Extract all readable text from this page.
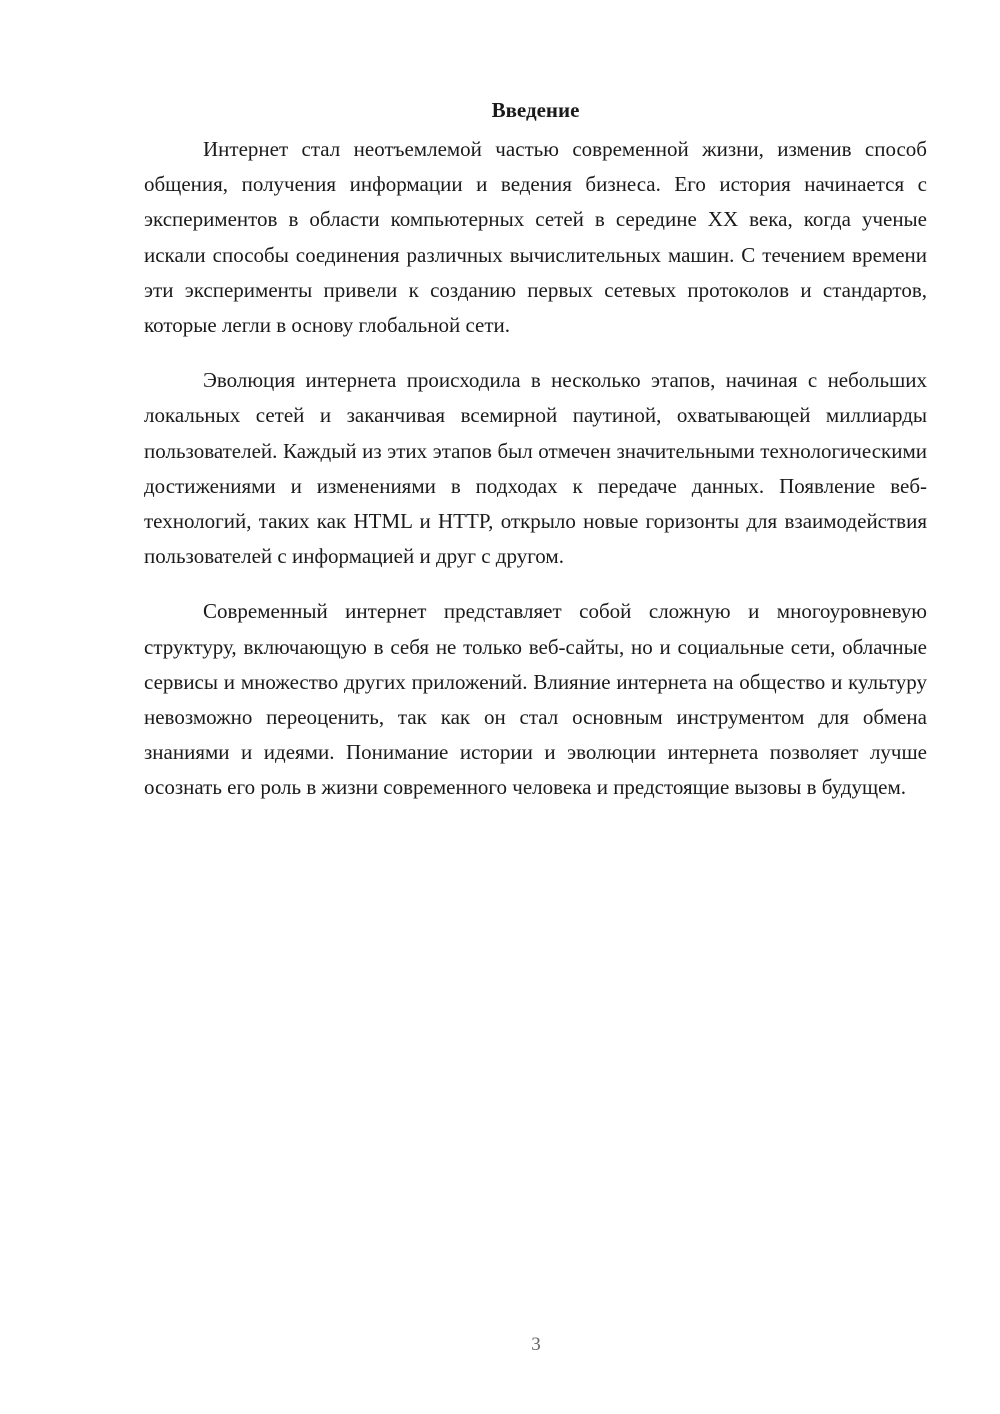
Введение

Интернет стал неотъемлемой частью современной жизни, изменив способ общения, получения информации и ведения бизнеса. Его история начинается с экспериментов в области компьютерных сетей в середине XX века, когда ученые искали способы соединения различных вычислительных машин. С течением времени эти эксперименты привели к созданию первых сетевых протоколов и стандартов, которые легли в основу глобальной сети.

Эволюция интернета происходила в несколько этапов, начиная с небольших локальных сетей и заканчивая всемирной паутиной, охватывающей миллиарды пользователей. Каждый из этих этапов был отмечен значительными технологическими достижениями и изменениями в подходах к передаче данных. Появление веб-технологий, таких как HTML и HTTP, открыло новые горизонты для взаимодействия пользователей с информацией и друг с другом.

Современный интернет представляет собой сложную и многоуровневую структуру, включающую в себя не только веб-сайты, но и социальные сети, облачные сервисы и множество других приложений. Влияние интернета на общество и культуру невозможно переоценить, так как он стал основным инструментом для обмена знаниями и идеями. Понимание истории и эволюции интернета позволяет лучше осознать его роль в жизни современного человека и предстоящие вызовы в будущем.

3
